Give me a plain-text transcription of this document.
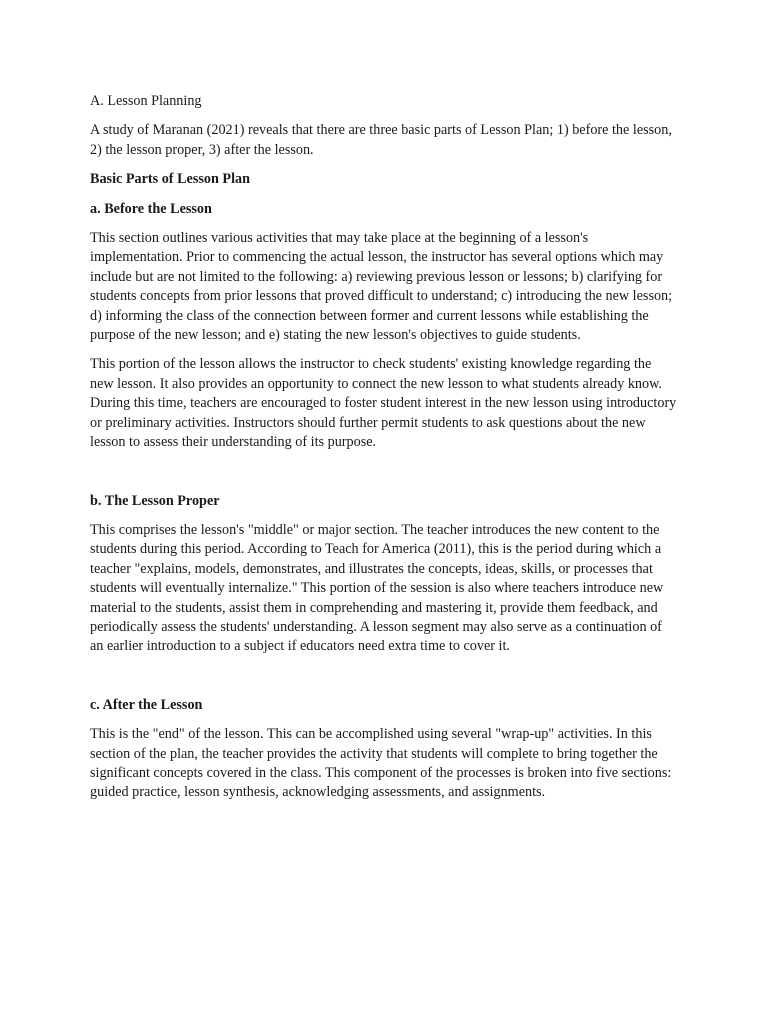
A. Lesson Planning

A study of Maranan (2021) reveals that there are three basic parts of Lesson Plan; 1) before the lesson, 2) the lesson proper, 3) after the lesson.

Basic Parts of Lesson Plan

a. Before the Lesson

This section outlines various activities that may take place at the beginning of a lesson's implementation. Prior to commencing the actual lesson, the instructor has several options which may include but are not limited to the following: a) reviewing previous lesson or lessons; b) clarifying for students concepts from prior lessons that proved difficult to understand; c) introducing the new lesson; d) informing the class of the connection between former and current lessons while establishing the purpose of the new lesson; and e) stating the new lesson's objectives to guide students.

This portion of the lesson allows the instructor to check students' existing knowledge regarding the new lesson. It also provides an opportunity to connect the new lesson to what students already know. During this time, teachers are encouraged to foster student interest in the new lesson using introductory or preliminary activities. Instructors should further permit students to ask questions about the new lesson to assess their understanding of its purpose.

b. The Lesson Proper

This comprises the lesson's "middle" or major section. The teacher introduces the new content to the students during this period. According to Teach for America (2011), this is the period during which a teacher "explains, models, demonstrates, and illustrates the concepts, ideas, skills, or processes that students will eventually internalize." This portion of the session is also where teachers introduce new material to the students, assist them in comprehending and mastering it, provide them feedback, and periodically assess the students' understanding. A lesson segment may also serve as a continuation of an earlier introduction to a subject if educators need extra time to cover it.

c. After the Lesson

This is the "end" of the lesson. This can be accomplished using several "wrap-up" activities. In this section of the plan, the teacher provides the activity that students will complete to bring together the significant concepts covered in the class. This component of the processes is broken into five sections: guided practice, lesson synthesis, acknowledging assessments, and assignments.
